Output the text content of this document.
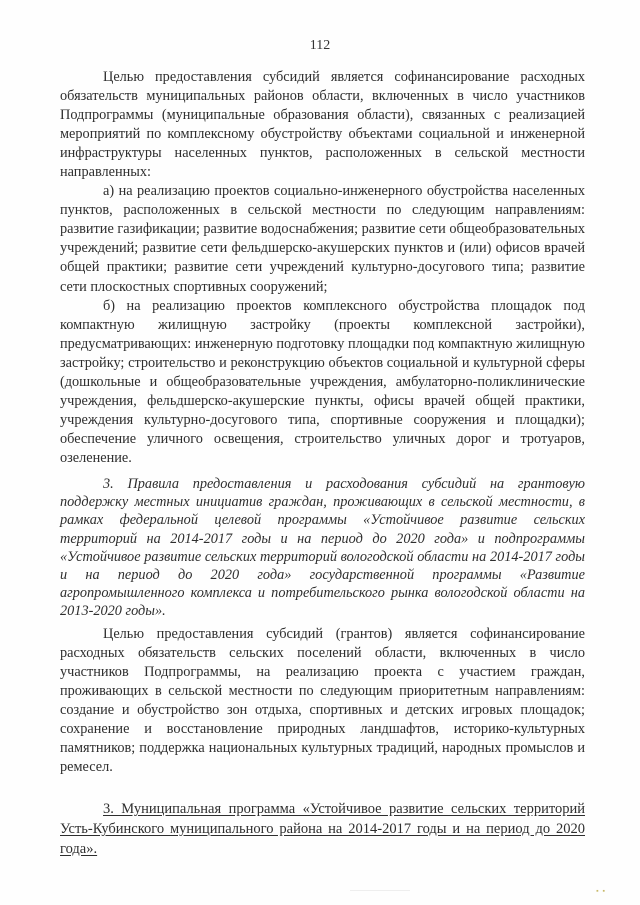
112

Целью предоставления субсидий является софинансирование расходных обязательств муниципальных районов области, включенных в число участников Подпрограммы (муниципальные образования области), связанных с реализацией мероприятий по комплексному обустройству объектами социальной и инженерной инфраструктуры населенных пунктов, расположенных в сельской местности направленных:

а) на реализацию проектов социально-инженерного обустройства населенных пунктов, расположенных в сельской местности по следующим направлениям: развитие газификации; развитие водоснабжения; развитие сети общеобразовательных учреждений; развитие сети фельдшерско-акушерских пунктов и (или) офисов врачей общей практики; развитие сети учреждений культурно-досугового типа; развитие сети плоскостных спортивных сооружений;

б) на реализацию проектов комплексного обустройства площадок под компактную жилищную застройку (проекты комплексной застройки), предусматривающих: инженерную подготовку площадки под компактную жилищную застройку; строительство и реконструкцию объектов социальной и культурной сферы (дошкольные и общеобразовательные учреждения, амбулаторно-поликлинические учреждения, фельдшерско-акушерские пункты, офисы врачей общей практики, учреждения культурно-досугового типа, спортивные сооружения и площадки); обеспечение уличного освещения, строительство уличных дорог и тротуаров, озеленение.

3. Правила предоставления и расходования субсидий на грантовую поддержку местных инициатив граждан, проживающих в сельской местности, в рамках федеральной целевой программы «Устойчивое развитие сельских территорий на 2014-2017 годы и на период до 2020 года» и подпрограммы «Устойчивое развитие сельских территорий вологодской области на 2014-2017 годы и на период до 2020 года» государственной программы «Развитие агропромышленного комплекса и потребительского рынка вологодской области на 2013-2020 годы».

Целью предоставления субсидий (грантов) является софинансирование расходных обязательств сельских поселений области, включенных в число участников Подпрограммы, на реализацию проекта с участием граждан, проживающих в сельской местности по следующим приоритетным направлениям: создание и обустройство зон отдыха, спортивных и детских игровых площадок; сохранение и восстановление природных ландшафтов, историко-культурных памятников; поддержка национальных культурных традиций, народных промыслов и ремесел.

3. Муниципальная программа «Устойчивое развитие сельских территорий Усть-Кубинского муниципального района на 2014-2017 годы и на период до 2020 года».

▪ ▪
